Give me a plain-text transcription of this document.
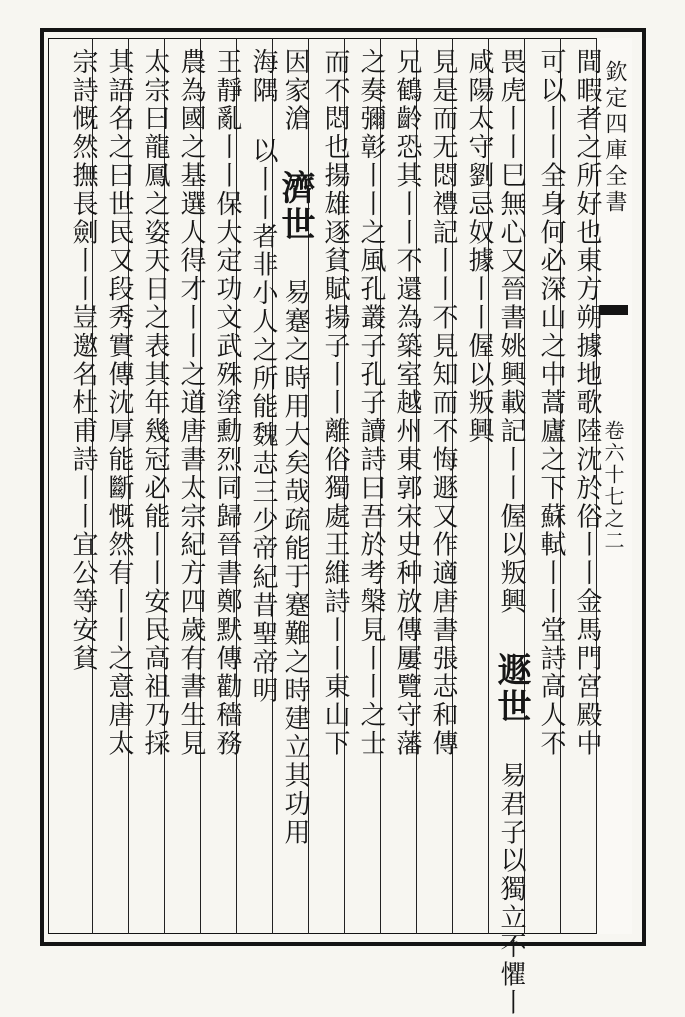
欽定四庫全書
卷六十七之二
間暇者之所好也東方朔據地歌陸沈於俗丨丨金馬門宮殿中
可以丨丨全身何必深山之中蒿廬之下蘇軾丨丨堂詩高人不
畏虎丨丨巳無心又晉書姚興載記丨丨偓以叛興 遯世 易君子以獨立不懼丨
咸陽太守劉忌奴據丨丨偓以叛興
見是而无悶禮記丨丨不見知而不悔遯又作適唐書張志和傳
兄鶴齡恐其丨丨不還為築室越州東郭宋史种放傳屢覽守藩
之奏彌彰丨丨之風孔叢子孔子讀詩曰吾於考槃見丨丨之士
而不悶也揚雄逐貧賦揚子丨丨離俗獨處王維詩丨丨東山下
因家滄 濟世 易蹇之時用大矣哉疏能于蹇難之時建立其功用
海隅 以丨丨者非小人之所能魏志三少帝紀昔聖帝明
王靜亂丨丨保大定功文武殊塗勳烈同歸晉書鄭默傳勸穡務
農為國之基選人得才丨丨之道唐書太宗紀方四歲有書生見
太宗曰龍鳳之姿天日之表其年幾冠必能丨丨安民高祖乃採
其語名之曰世民又段秀實傳沈厚能斷慨然有丨丨之意唐太
宗詩慨然撫長劍丨丨豈邀名杜甫詩丨丨宜公等安貧
